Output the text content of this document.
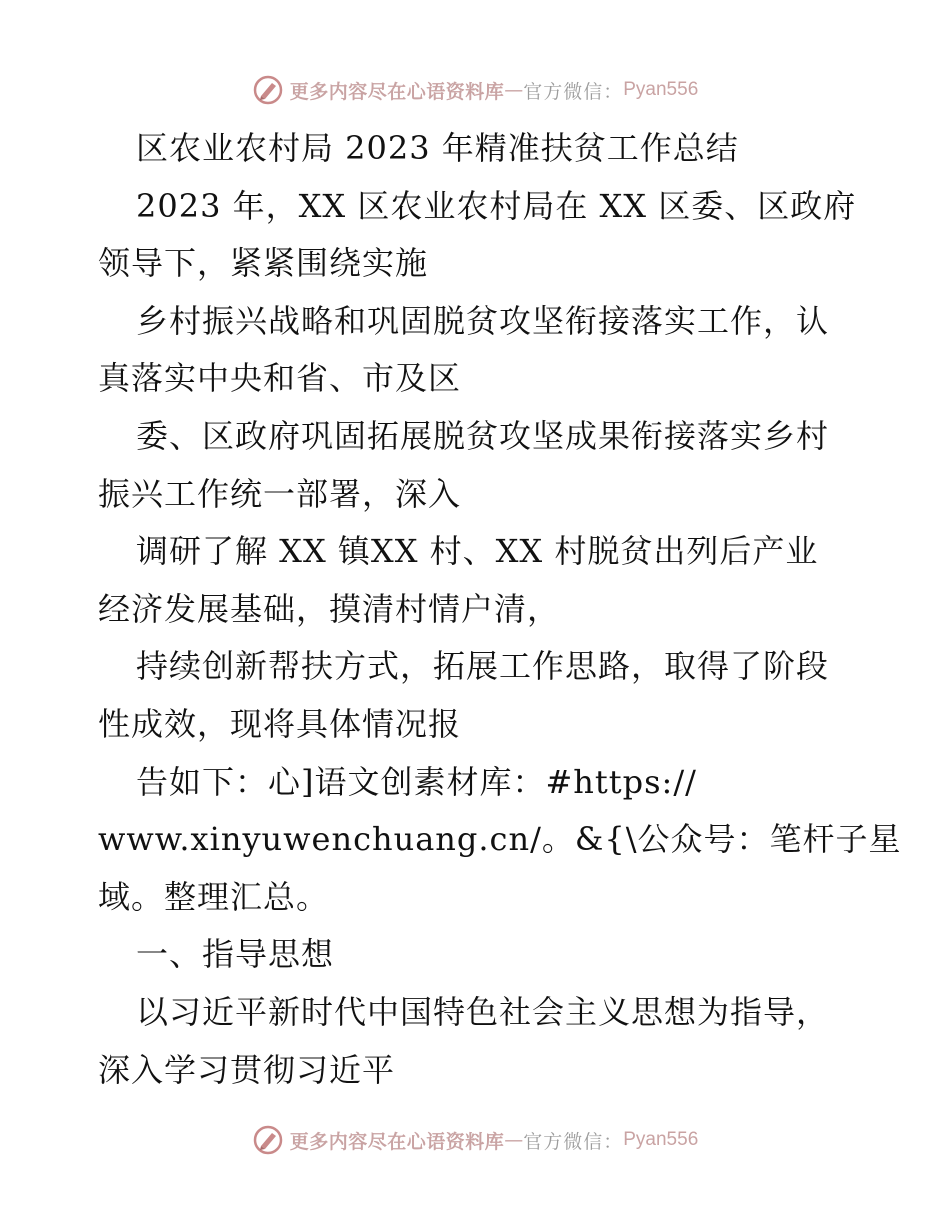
更多内容尽在心语资料库 — 官方微信： Pyan556
区农业农村局 2023 年精准扶贫工作总结
2023 年，XX 区农业农村局在 XX 区委、区政府
领导下，紧紧围绕实施
乡村振兴战略和巩固脱贫攻坚衔接落实工作，认
真落实中央和省、市及区
委、区政府巩固拓展脱贫攻坚成果衔接落实乡村
振兴工作统一部署，深入
调研了解 XX 镇XX 村、XX 村脱贫出列后产业
经济发展基础，摸清村情户清，
持续创新帮扶方式，拓展工作思路，取得了阶段
性成效，现将具体情况报
告如下：心]语文创素材库：#https://
www.xinyuwenchuang.cn/。&{\公众号：笔杆子星
域。整理汇总。
一、指导思想
以习近平新时代中国特色社会主义思想为指导，
深入学习贯彻习近平
更多内容尽在心语资料库 — 官方微信： Pyan556
